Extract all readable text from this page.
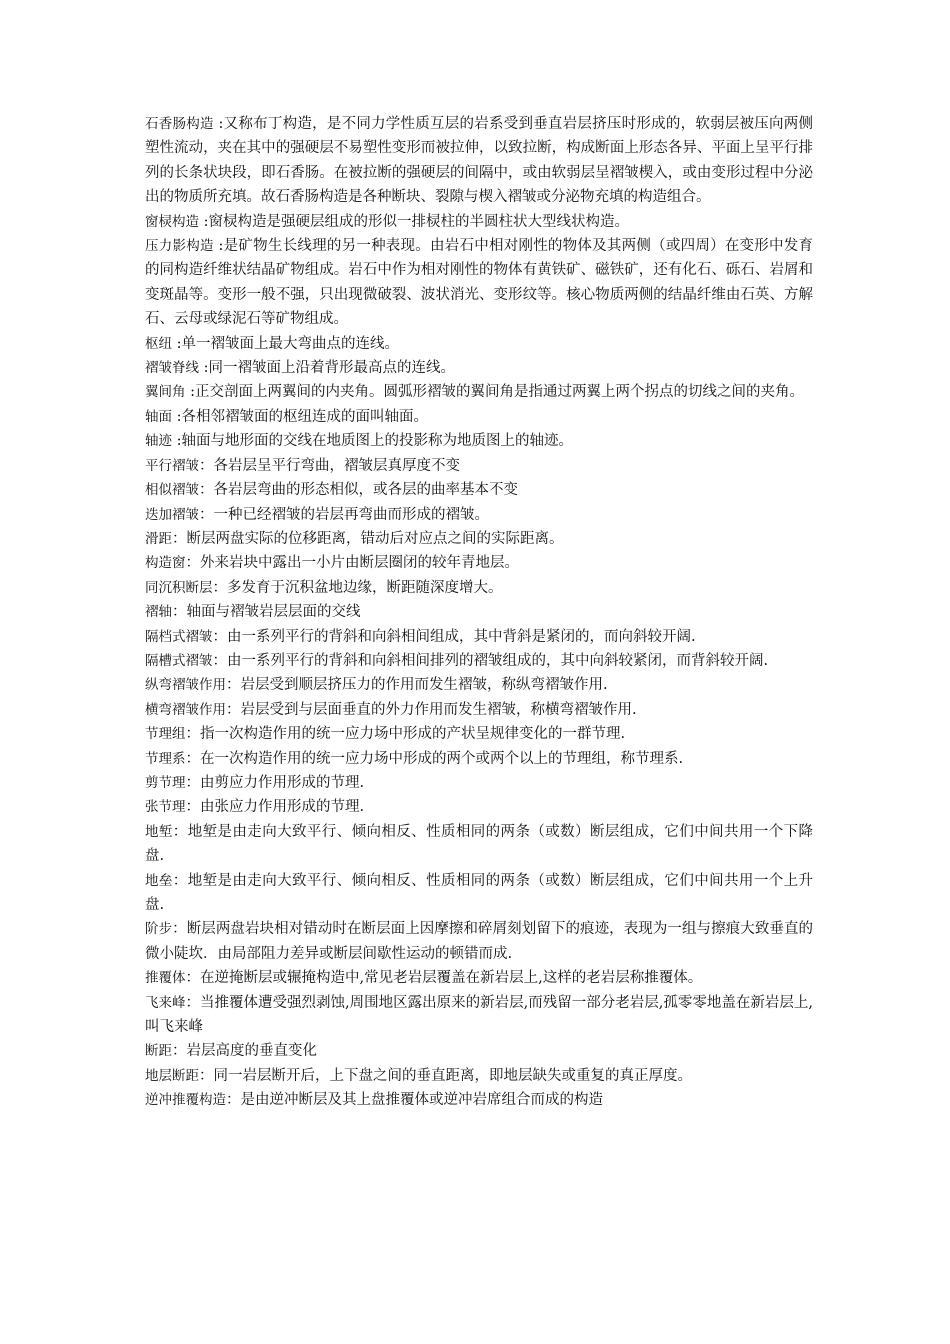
石香肠构造 :又称布丁构造，是不同力学性质互层的岩系受到垂直岩层挤压时形成的，软弱层被压向两侧塑性流动，夹在其中的强硬层不易塑性变形而被拉伸，以致拉断，构成断面上形态各异、平面上呈平行排列的长条状块段，即石香肠。在被拉断的强硬层的间隔中，或由软弱层呈褶皱楔入，或由变形过程中分泌出的物质所充填。故石香肠构造是各种断块、裂隙与楔入褶皱或分泌物充填的构造组合。

窗棂构造 :窗棂构造是强硬层组成的形似一排棂柱的半圆柱状大型线状构造。

压力影构造 :是矿物生长线理的另一种表现。由岩石中相对刚性的物体及其两侧（或四周）在变形中发育的同构造纤维状结晶矿物组成。岩石中作为相对刚性的物体有黄铁矿、磁铁矿，还有化石、砾石、岩屑和变斑晶等。变形一般不强，只出现微破裂、波状消光、变形纹等。核心物质两侧的结晶纤维由石英、方解石、云母或绿泥石等矿物组成。

枢纽 :单一褶皱面上最大弯曲点的连线。

褶皱脊线 :同一褶皱面上沿着背形最高点的连线。

翼间角 :正交剖面上两翼间的内夹角。圆弧形褶皱的翼间角是指通过两翼上两个拐点的切线之间的夹角。

轴面 :各相邻褶皱面的枢纽连成的面叫轴面。

轴迹 :轴面与地形面的交线在地质图上的投影称为地质图上的轴迹。

平行褶皱：各岩层呈平行弯曲，褶皱层真厚度不变

相似褶皱：各岩层弯曲的形态相似，或各层的曲率基本不变

迭加褶皱：一种已经褶皱的岩层再弯曲而形成的褶皱。

滑距：断层两盘实际的位移距离，错动后对应点之间的实际距离。

构造窗：外来岩块中露出一小片由断层圈闭的较年青地层。

同沉积断层：多发育于沉积盆地边缘，断距随深度增大。

褶轴：轴面与褶皱岩层层面的交线

隔档式褶皱：由一系列平行的背斜和向斜相间组成，其中背斜是紧闭的，而向斜较开阔.

隔槽式褶皱：由一系列平行的背斜和向斜相间排列的褶皱组成的，其中向斜较紧闭，而背斜较开阔.

纵弯褶皱作用：岩层受到顺层挤压力的作用而发生褶皱，称纵弯褶皱作用.

横弯褶皱作用：岩层受到与层面垂直的外力作用而发生褶皱，称横弯褶皱作用.

节理组：指一次构造作用的统一应力场中形成的产状呈规律变化的一群节理.

节理系：在一次构造作用的统一应力场中形成的两个或两个以上的节理组，称节理系.

剪节理：由剪应力作用形成的节理.

张节理：由张应力作用形成的节理.

地堑：地堑是由走向大致平行、倾向相反、性质相同的两条（或数）断层组成，它们中间共用一个下降盘.

地垒：地堑是由走向大致平行、倾向相反、性质相同的两条（或数）断层组成，它们中间共用一个上升盘.

阶步：断层两盘岩块相对错动时在断层面上因摩擦和碎屑刻划留下的痕迹，表现为一组与擦痕大致垂直的微小陡坎．由局部阻力差异或断层间歇性运动的顿错而成.

推覆体：在逆掩断层或辗掩构造中,常见老岩层覆盖在新岩层上,这样的老岩层称推覆体。

飞来峰：当推覆体遭受强烈剥蚀,周围地区露出原来的新岩层,而残留一部分老岩层,孤零零地盖在新岩层上,叫飞来峰

断距：岩层高度的垂直变化

地层断距：同一岩层断开后，上下盘之间的垂直距离，即地层缺失或重复的真正厚度。

逆冲推覆构造：是由逆冲断层及其上盘推覆体或逆冲岩席组合而成的构造
